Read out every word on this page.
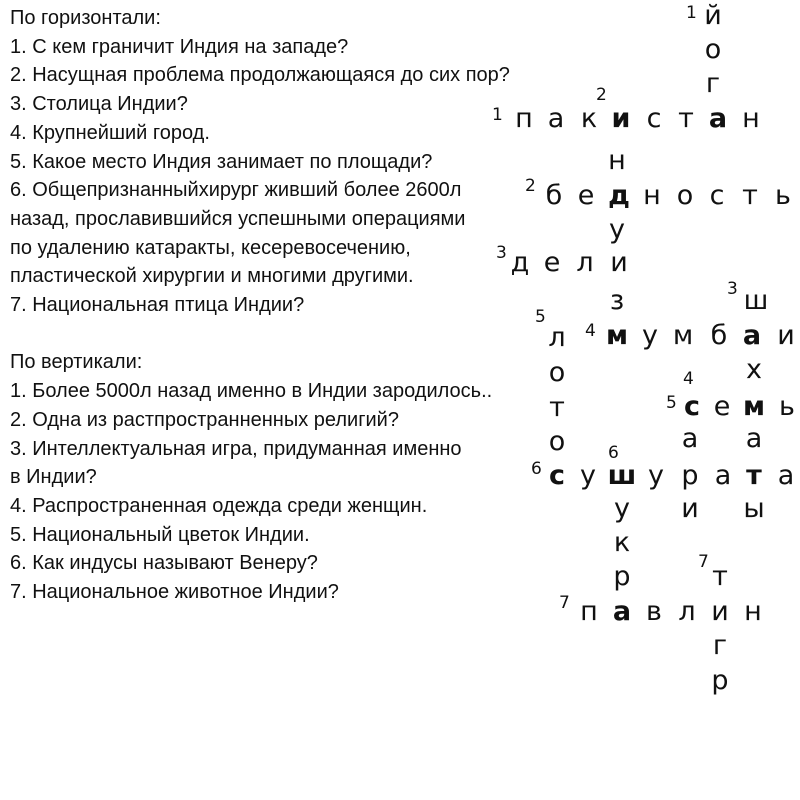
По горизонтали:
1. С кем граничит Индия на западе?
2. Насущная проблема продолжающаяся до сих пор?
3. Столица Индии?
4. Крупнейший город.
5. Какое место Индия занимает по площади?
6. Общепризнанныйхирург живший более 2600л
назад, прославившийся успешными операциями
по удалению катаракты, кесеревосечению,
пластической хирургии и многими другими.
7. Национальная птица Индии?
По вертикали:
1. Более 5000л назад именно в Индии зародилось..
2. Одна из растпространненных религий?
3. Интеллектуальная игра, придуманная именно
в Индии?
4. Распространенная одежда среди женщин.
5. Национальный цветок Индии.
6. Как индусы называют Венеру?
7. Национальное животное Индии?
1
2
1
2
3
3
5
4
4
5
6
6
7
7
п а к и с т а н
б е д н о с т ь
д е л и
м у м б а и
с е м ь
с у ш у р а т а
п а в л и н
й
о
г
н
у
з	ш
х
а
ы
а
и
л
о
т
о
у
к
р	т
г
р
